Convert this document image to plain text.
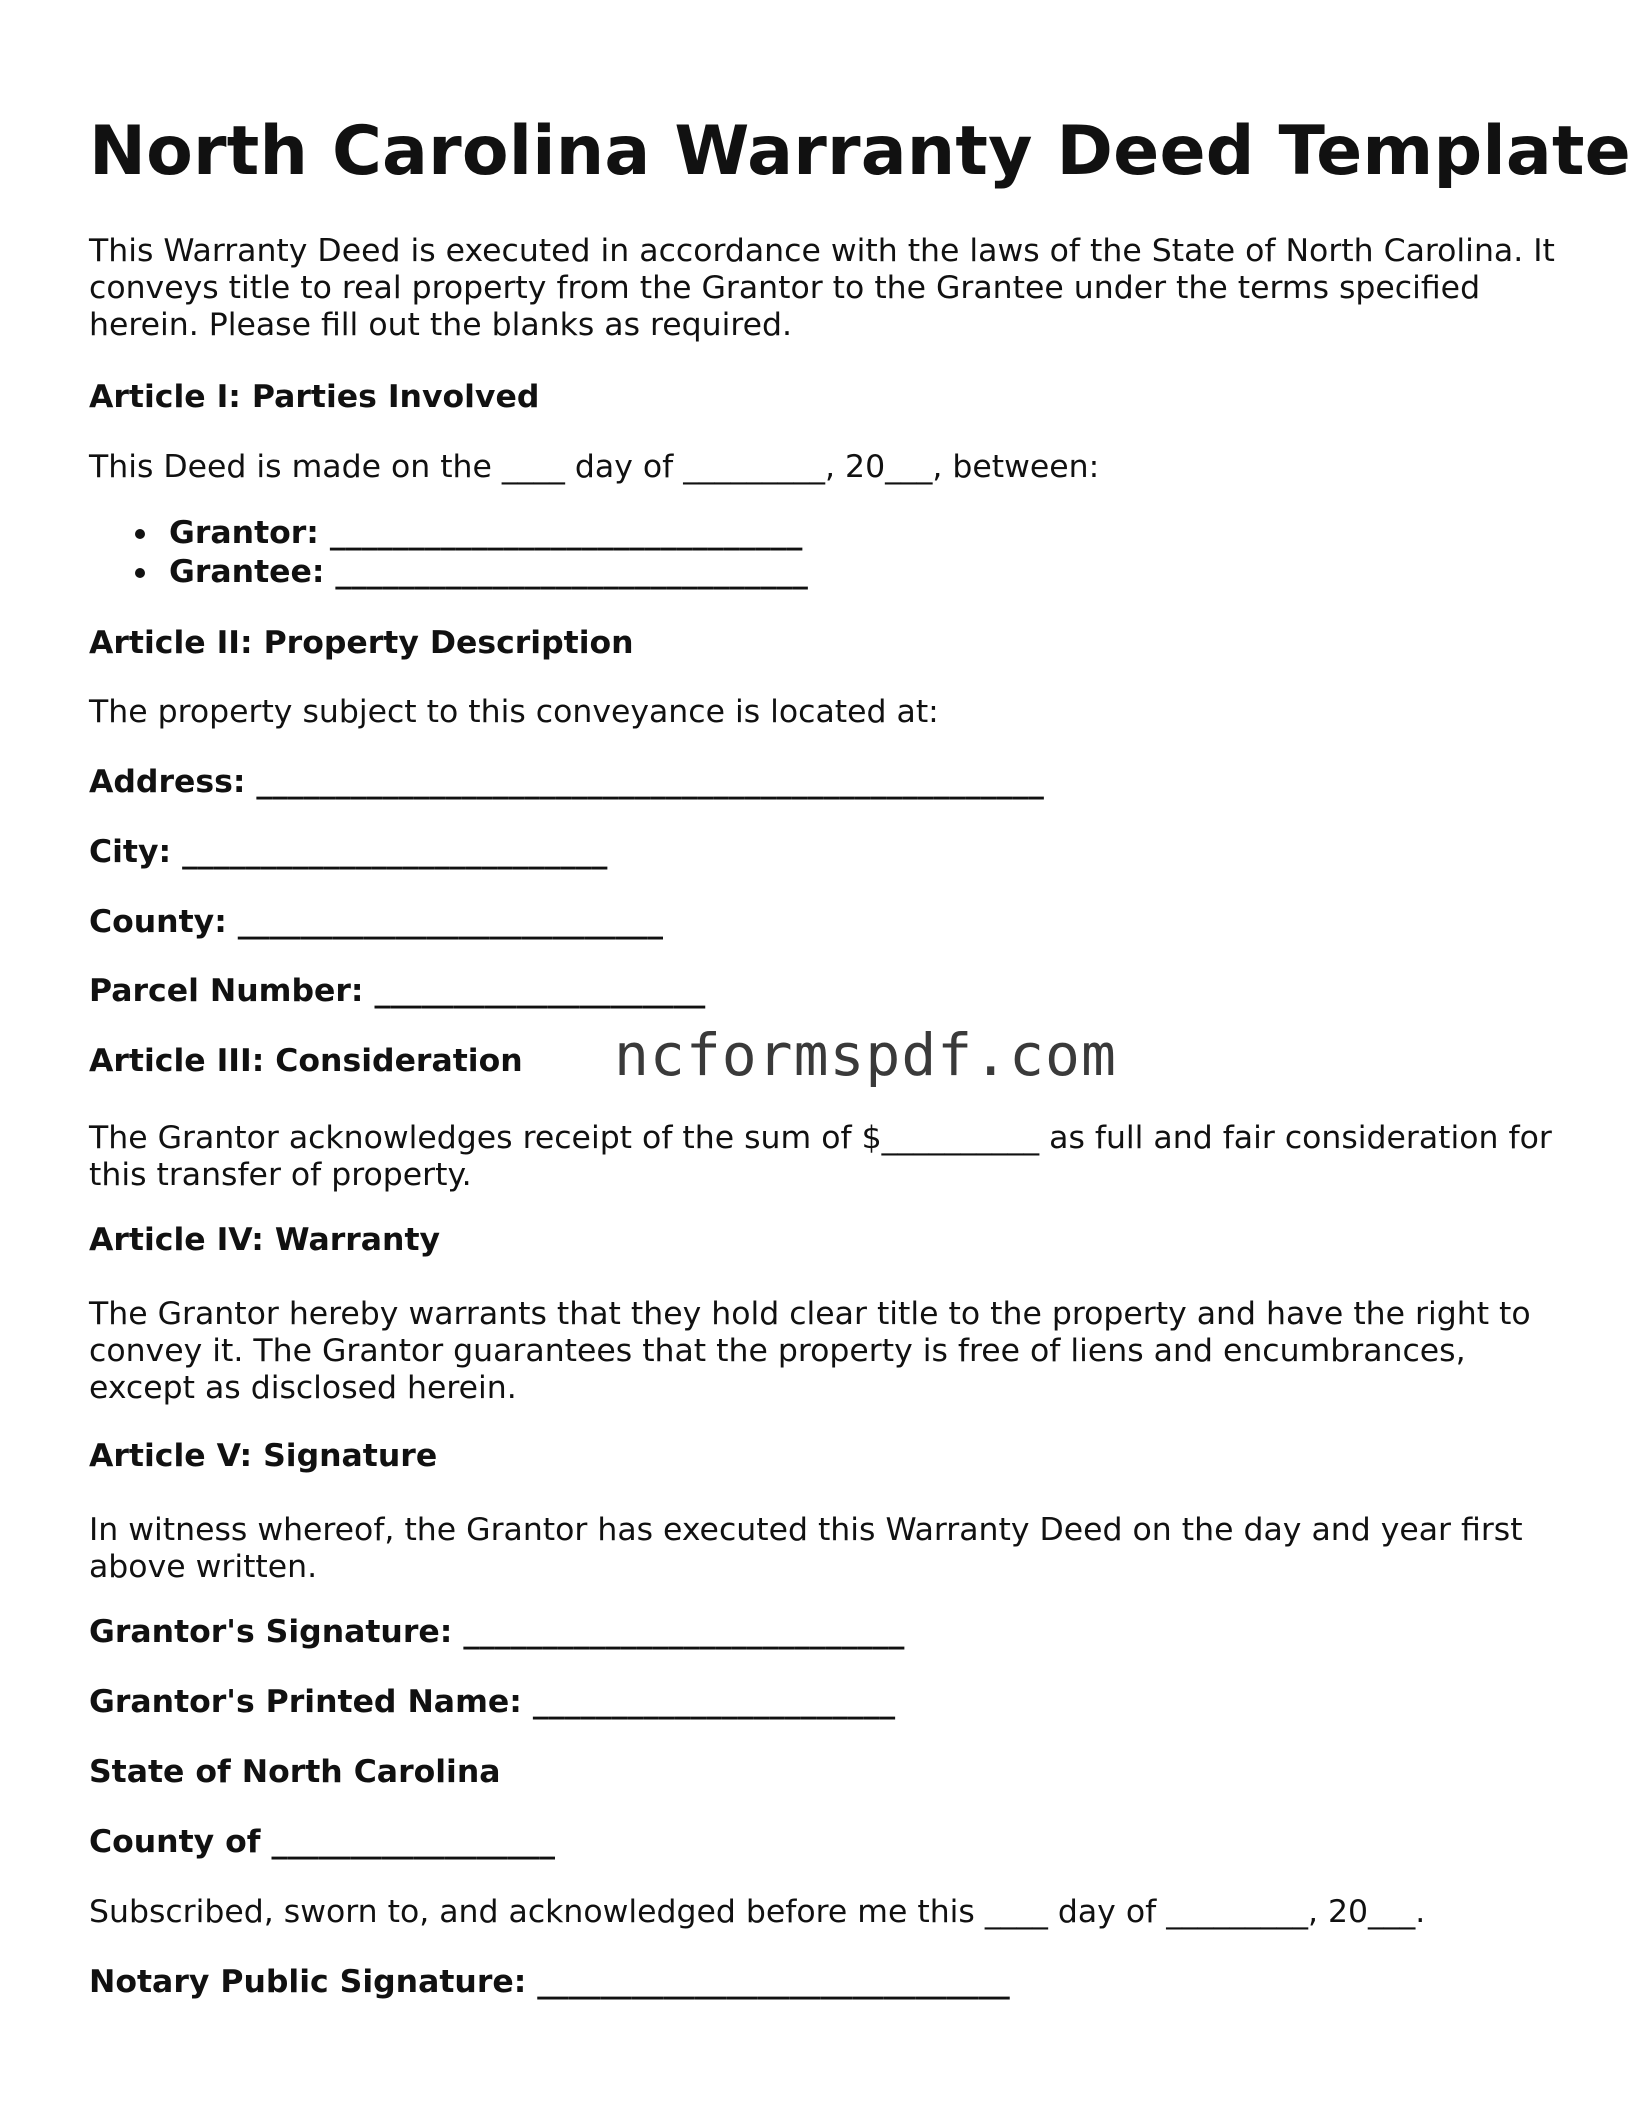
North Carolina Warranty Deed Template

This Warranty Deed is executed in accordance with the laws of the State of North Carolina. It conveys title to real property from the Grantor to the Grantee under the terms specified herein. Please fill out the blanks as required.

Article I: Parties Involved

This Deed is made on the ____ day of _________, 20___, between:

Grantor: ______________________________
Grantee: ______________________________

Article II: Property Description

The property subject to this conveyance is located at:

Address: __________________________________________________

City: ___________________________

County: ___________________________

Parcel Number: _____________________

Article III: Consideration ncformspdf.com

The Grantor acknowledges receipt of the sum of $__________ as full and fair consideration for this transfer of property.

Article IV: Warranty

The Grantor hereby warrants that they hold clear title to the property and have the right to convey it. The Grantor guarantees that the property is free of liens and encumbrances, except as disclosed herein.

Article V: Signature

In witness whereof, the Grantor has executed this Warranty Deed on the day and year first above written.

Grantor's Signature: ____________________________

Grantor's Printed Name: _______________________

State of North Carolina

County of __________________

Subscribed, sworn to, and acknowledged before me this ____ day of _________, 20___.

Notary Public Signature: ______________________________
